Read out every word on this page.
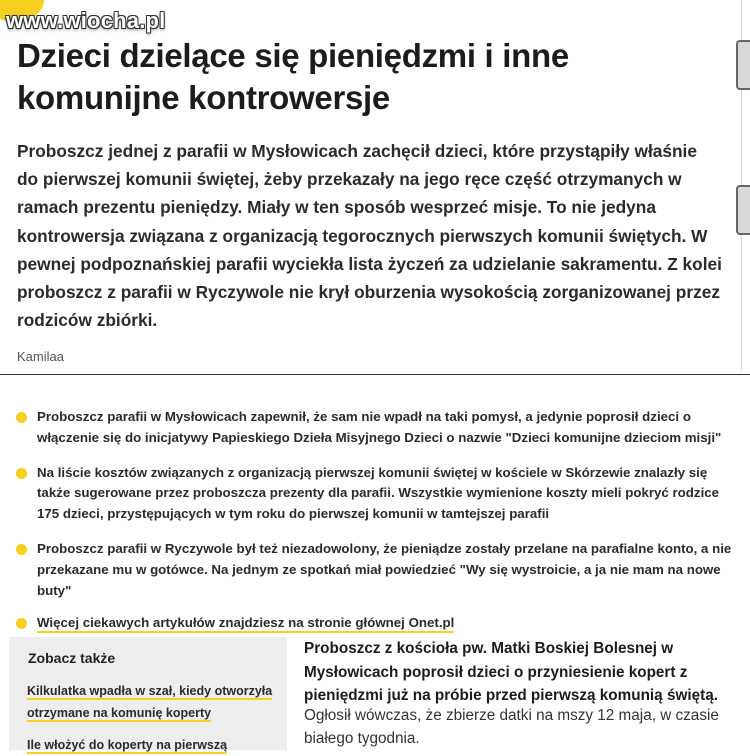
www.wiocha.pl
Dzieci dzielące się pieniędzmi i inne komunijne kontrowersje

Proboszcz jednej z parafii w Mysłowicach zachęcił dzieci, które przystąpiły właśnie do pierwszej komunii świętej, żeby przekazały na jego ręce część otrzymanych w ramach prezentu pieniędzy. Miały w ten sposób wesprzeć misje. To nie jedyna kontrowersja związana z organizacją tegorocznych pierwszych komunii świętych. W pewnej podpoznańskiej parafii wyciekła lista życzeń za udzielanie sakramentu. Z kolei proboszcz z parafii w Ryczywole nie krył oburzenia wysokością zorganizowanej przez rodziców zbiórki.

Kamilaa
Proboszcz parafii w Mysłowicach zapewnił, że sam nie wpadł na taki pomysł, a jedynie poprosił dzieci o włączenie się do inicjatywy Papieskiego Dzieła Misyjnego Dzieci o nazwie "Dzieci komunijne dzieciom misji"
Na liście kosztów związanych z organizacją pierwszej komunii świętej w kościele w Skórzewie znalazły się także sugerowane przez proboszcza prezenty dla parafii. Wszystkie wymienione koszty mieli pokryć rodzice 175 dzieci, przystępujących w tym roku do pierwszej komunii w tamtejszej parafii
Proboszcz parafii w Ryczywole był też niezadowolony, że pieniądze zostały przelane na parafialne konto, a nie przekazane mu w gotówce. Na jednym ze spotkań miał powiedzieć "Wy się wystroicie, a ja nie mam na nowe buty"
Więcej ciekawych artykułów znajdziesz na stronie głównej Onet.pl
Zobacz także
Kilkulatka wpadła w szał, kiedy otworzyła otrzymane na komunię koperty
Ile włożyć do koperty na pierwszą

Proboszcz z kościoła pw. Matki Boskiej Bolesnej w Mysłowicach poprosił dzieci o przyniesienie kopert z pieniędzmi już na próbie przed pierwszą komunią świętą.

Ogłosił wówczas, że zbierze datki na mszy 12 maja, w czasie białego tygodnia.
